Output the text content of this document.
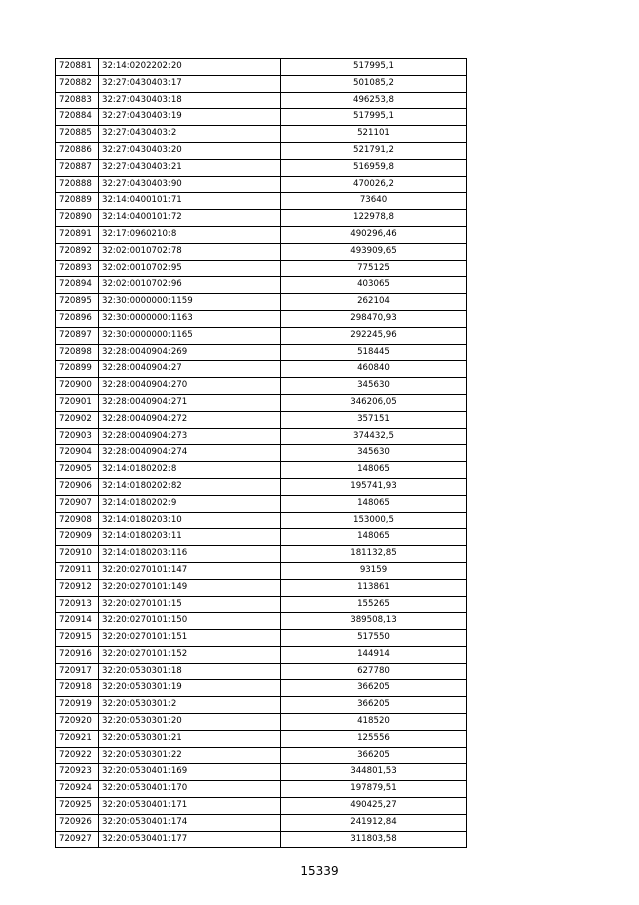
720881	32:14:0202202:20	517995,1
720882	32:27:0430403:17	501085,2
720883	32:27:0430403:18	496253,8
720884	32:27:0430403:19	517995,1
720885	32:27:0430403:2	521101
720886	32:27:0430403:20	521791,2
720887	32:27:0430403:21	516959,8
720888	32:27:0430403:90	470026,2
720889	32:14:0400101:71	73640
720890	32:14:0400101:72	122978,8
720891	32:17:0960210:8	490296,46
720892	32:02:0010702:78	493909,65
720893	32:02:0010702:95	775125
720894	32:02:0010702:96	403065
720895	32:30:0000000:1159	262104
720896	32:30:0000000:1163	298470,93
720897	32:30:0000000:1165	292245,96
720898	32:28:0040904:269	518445
720899	32:28:0040904:27	460840
720900	32:28:0040904:270	345630
720901	32:28:0040904:271	346206,05
720902	32:28:0040904:272	357151
720903	32:28:0040904:273	374432,5
720904	32:28:0040904:274	345630
720905	32:14:0180202:8	148065
720906	32:14:0180202:82	195741,93
720907	32:14:0180202:9	148065
720908	32:14:0180203:10	153000,5
720909	32:14:0180203:11	148065
720910	32:14:0180203:116	181132,85
720911	32:20:0270101:147	93159
720912	32:20:0270101:149	113861
720913	32:20:0270101:15	155265
720914	32:20:0270101:150	389508,13
720915	32:20:0270101:151	517550
720916	32:20:0270101:152	144914
720917	32:20:0530301:18	627780
720918	32:20:0530301:19	366205
720919	32:20:0530301:2	366205
720920	32:20:0530301:20	418520
720921	32:20:0530301:21	125556
720922	32:20:0530301:22	366205
720923	32:20:0530401:169	344801,53
720924	32:20:0530401:170	197879,51
720925	32:20:0530401:171	490425,27
720926	32:20:0530401:174	241912,84
720927	32:20:0530401:177	311803,58
15339
